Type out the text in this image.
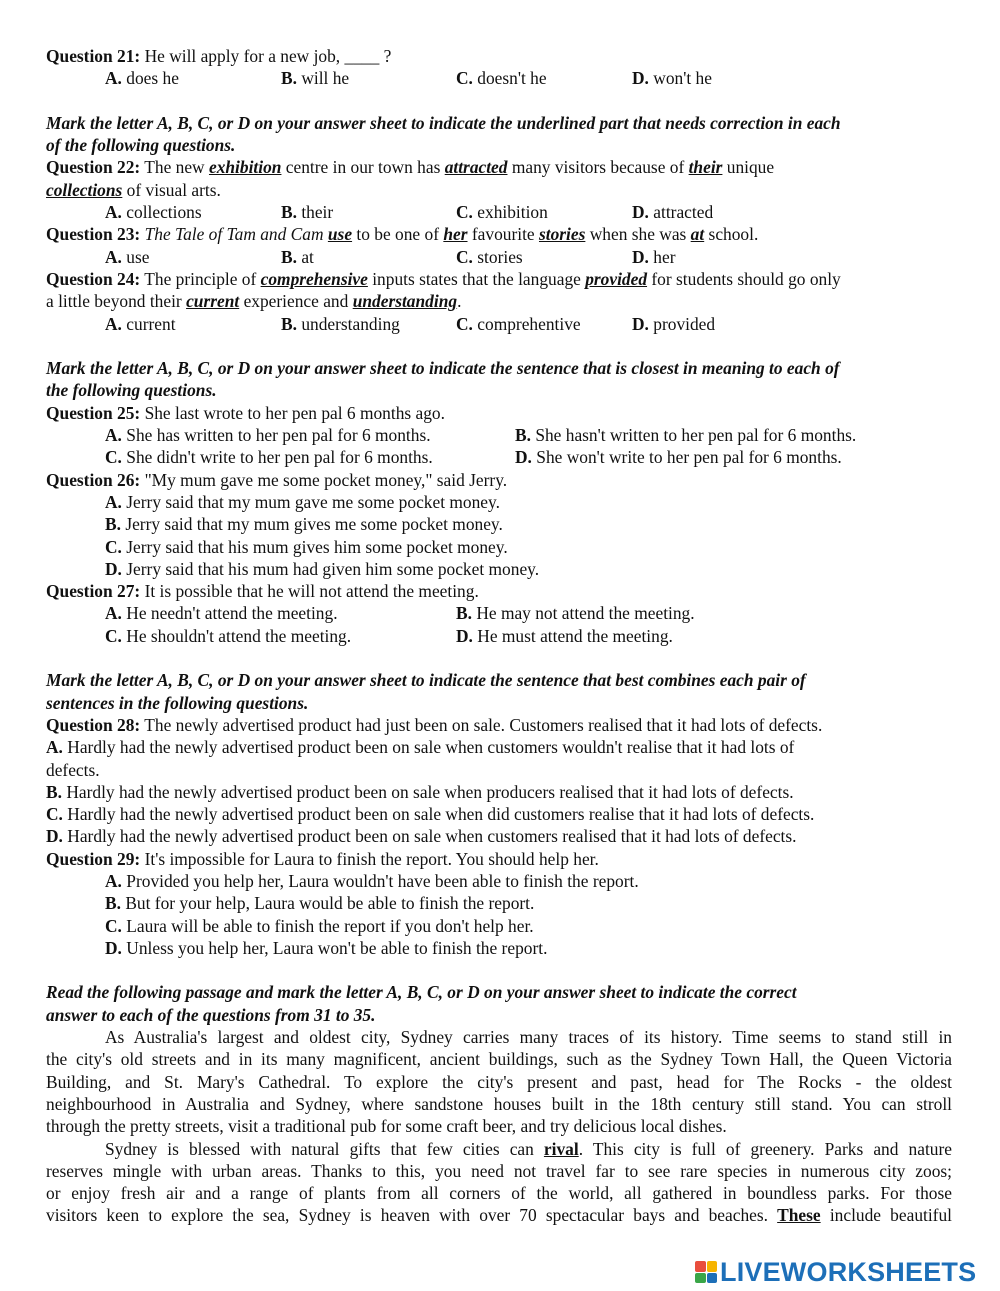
Question 21: He will apply for a new job, ____ ?
A. does he	B. will he	C. doesn't he	D. won't he
Mark the letter A, B, C, or D on your answer sheet to indicate the underlined part that needs correction in each
of the following questions.
Question 22: The new exhibition centre in our town has attracted many visitors because of their unique
collections of visual arts.
A. collections	B. their	C. exhibition	D. attracted
Question 23: The Tale of Tam and Cam use to be one of her favourite stories when she was at school.
A. use	B. at	C. stories	D. her
Question 24: The principle of comprehensive inputs states that the language provided for students should go only
a little beyond their current experience and understanding.
A. current	B. understanding	C. comprehentive	D. provided
Mark the letter A, B, C, or D on your answer sheet to indicate the sentence that is closest in meaning to each of
the following questions.
Question 25: She last wrote to her pen pal 6 months ago.
A. She has written to her pen pal for 6 months.	B. She hasn't written to her pen pal for 6 months.
C. She didn't write to her pen pal for 6 months.	D. She won't write to her pen pal for 6 months.
Question 26: "My mum gave me some pocket money," said Jerry.
A. Jerry said that my mum gave me some pocket money.
B. Jerry said that my mum gives me some pocket money.
C. Jerry said that his mum gives him some pocket money.
D. Jerry said that his mum had given him some pocket money.
Question 27: It is possible that he will not attend the meeting.
A. He needn't attend the meeting.	B. He may not attend the meeting.
C. He shouldn't attend the meeting.	D. He must attend the meeting.
Mark the letter A, B, C, or D on your answer sheet to indicate the sentence that best combines each pair of
sentences in the following questions.
Question 28: The newly advertised product had just been on sale. Customers realised that it had lots of defects.
A. Hardly had the newly advertised product been on sale when customers wouldn't realise that it had lots of
defects.
B. Hardly had the newly advertised product been on sale when producers realised that it had lots of defects.
C. Hardly had the newly advertised product been on sale when did customers realise that it had lots of defects.
D. Hardly had the newly advertised product been on sale when customers realised that it had lots of defects.
Question 29: It's impossible for Laura to finish the report. You should help her.
A. Provided you help her, Laura wouldn't have been able to finish the report.
B. But for your help, Laura would be able to finish the report.
C. Laura will be able to finish the report if you don't help her.
D. Unless you help her, Laura won't be able to finish the report.
Read the following passage and mark the letter A, B, C, or D on your answer sheet to indicate the correct
answer to each of the questions from 31 to 35.
As Australia's largest and oldest city, Sydney carries many traces of its history. Time seems to stand still in
the city's old streets and in its many magnificent, ancient buildings, such as the Sydney Town Hall, the Queen Victoria
Building, and St. Mary's Cathedral. To explore the city's present and past, head for The Rocks - the oldest
neighbourhood in Australia and Sydney, where sandstone houses built in the 18th century still stand. You can stroll
through the pretty streets, visit a traditional pub for some craft beer, and try delicious local dishes.
Sydney is blessed with natural gifts that few cities can rival. This city is full of greenery. Parks and nature
reserves mingle with urban areas. Thanks to this, you need not travel far to see rare species in numerous city zoos;
or enjoy fresh air and a range of plants from all corners of the world, all gathered in boundless parks. For those
visitors keen to explore the sea, Sydney is heaven with over 70 spectacular bays and beaches. These include beautiful
LIVEWORKSHEETS
